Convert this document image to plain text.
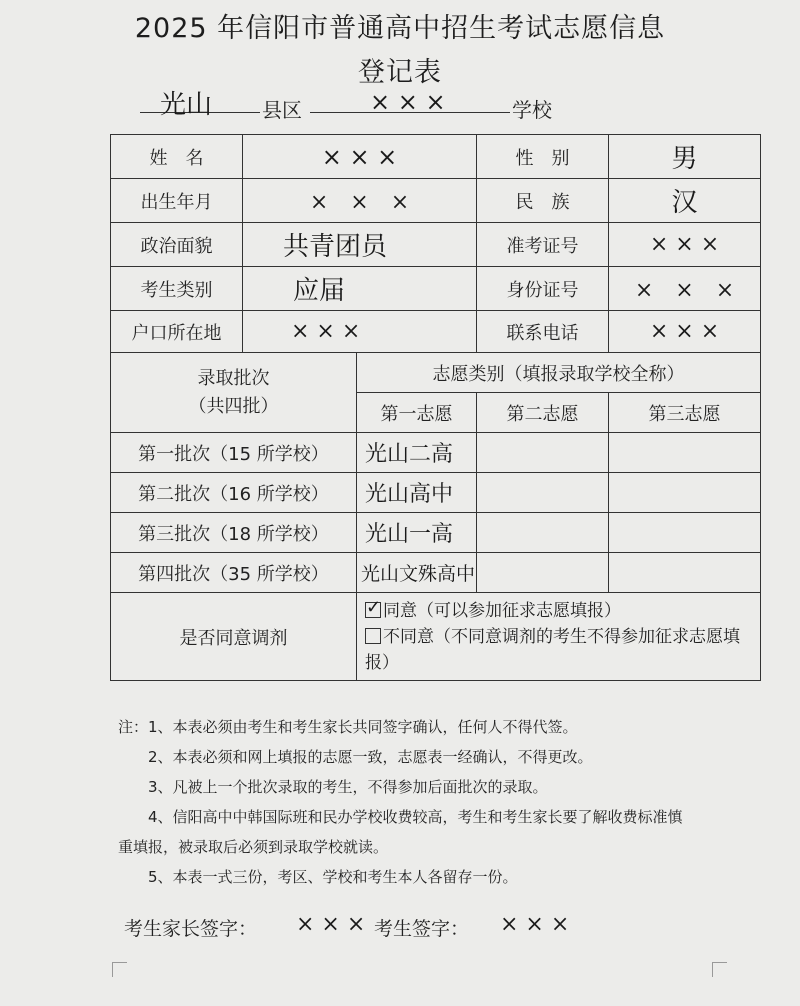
2025 年信阳市普通高中招生考试志愿信息
登记表
光山 县区	× × ×	学校
姓　名	× × ×		性　别	男
出生年月	×　×　×		民　族	汉
政治面貌	共青团员		准考证号	× × ×
考生类别	应届		身份证号	×　×　×
户口所在地	× × ×		联系电话	× × ×

录取批次
（共四批）		志愿类别（填报录取学校全称）		
		第一志愿	第二志愿	第三志愿
第一批次（15 所学校）		光山二高		
第二批次（16 所学校）		光山高中		
第三批次（18 所学校）		光山一高		
第四批次（35 所学校）		光山文殊高中		
是否同意调剂		✓ 同意（可以参加征求志愿填报）
不同意（不同意调剂的考生不得参加征求志愿填报）		
注：1、本表必须由考生和考生家长共同签字确认，任何人不得代签。
2、本表必须和网上填报的志愿一致，志愿表一经确认，不得更改。
3、凡被上一个批次录取的考生，不得参加后面批次的录取。
4、信阳高中中韩国际班和民办学校收费较高，考生和考生家长要了解收费标准慎
重填报，被录取后必须到录取学校就读。
5、本表一式三份，考区、学校和考生本人各留存一份。
考生家长签字： × × × 考生签字： × × ×
